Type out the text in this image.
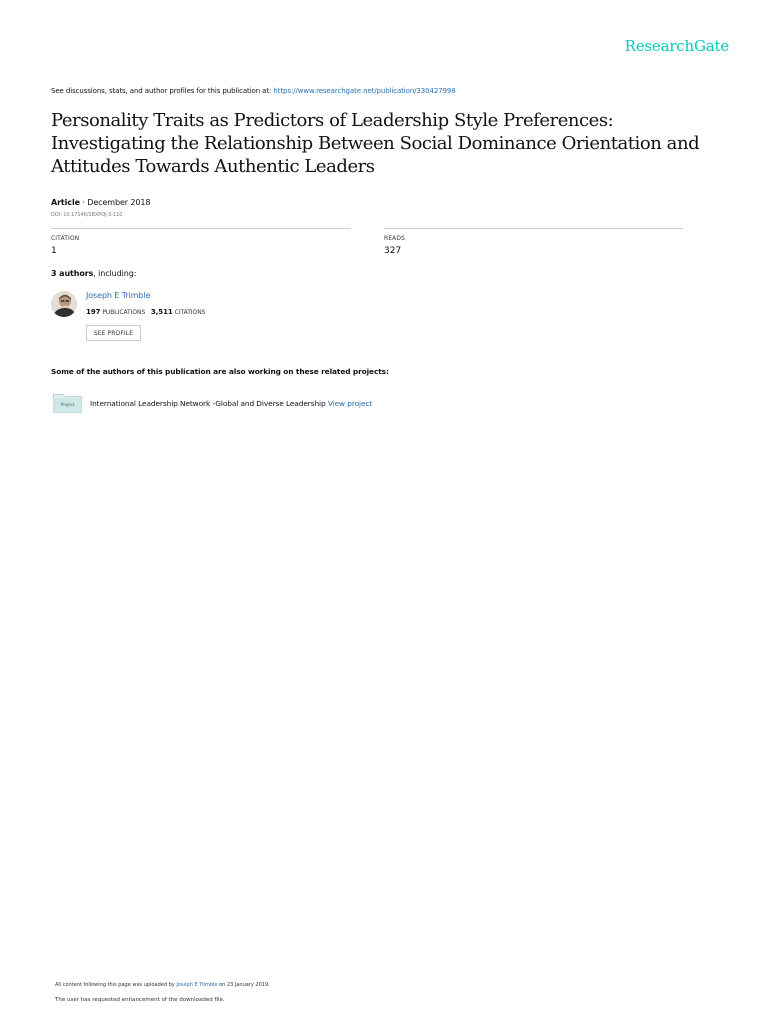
ResearchGate
See discussions, stats, and author profiles for this publication at: https://www.researchgate.net/publication/330427998
Personality Traits as Predictors of Leadership Style Preferences: Investigating the Relationship Between Social Dominance Orientation and Attitudes Towards Authentic Leaders
Article · December 2018
DOI: 10.17146/SBXPOJ-3-110
CITATION
1
READS
327
3 authors, including:
Joseph E Trimble
197 PUBLICATIONS 3,511 CITATIONS
SEE PROFILE
Some of the authors of this publication are also working on these related projects:
Project	International Leadership Network -Global and Diverse Leadership View project
All content following this page was uploaded by Joseph E Trimble on 23 January 2019.
The user has requested enhancement of the downloaded file.
